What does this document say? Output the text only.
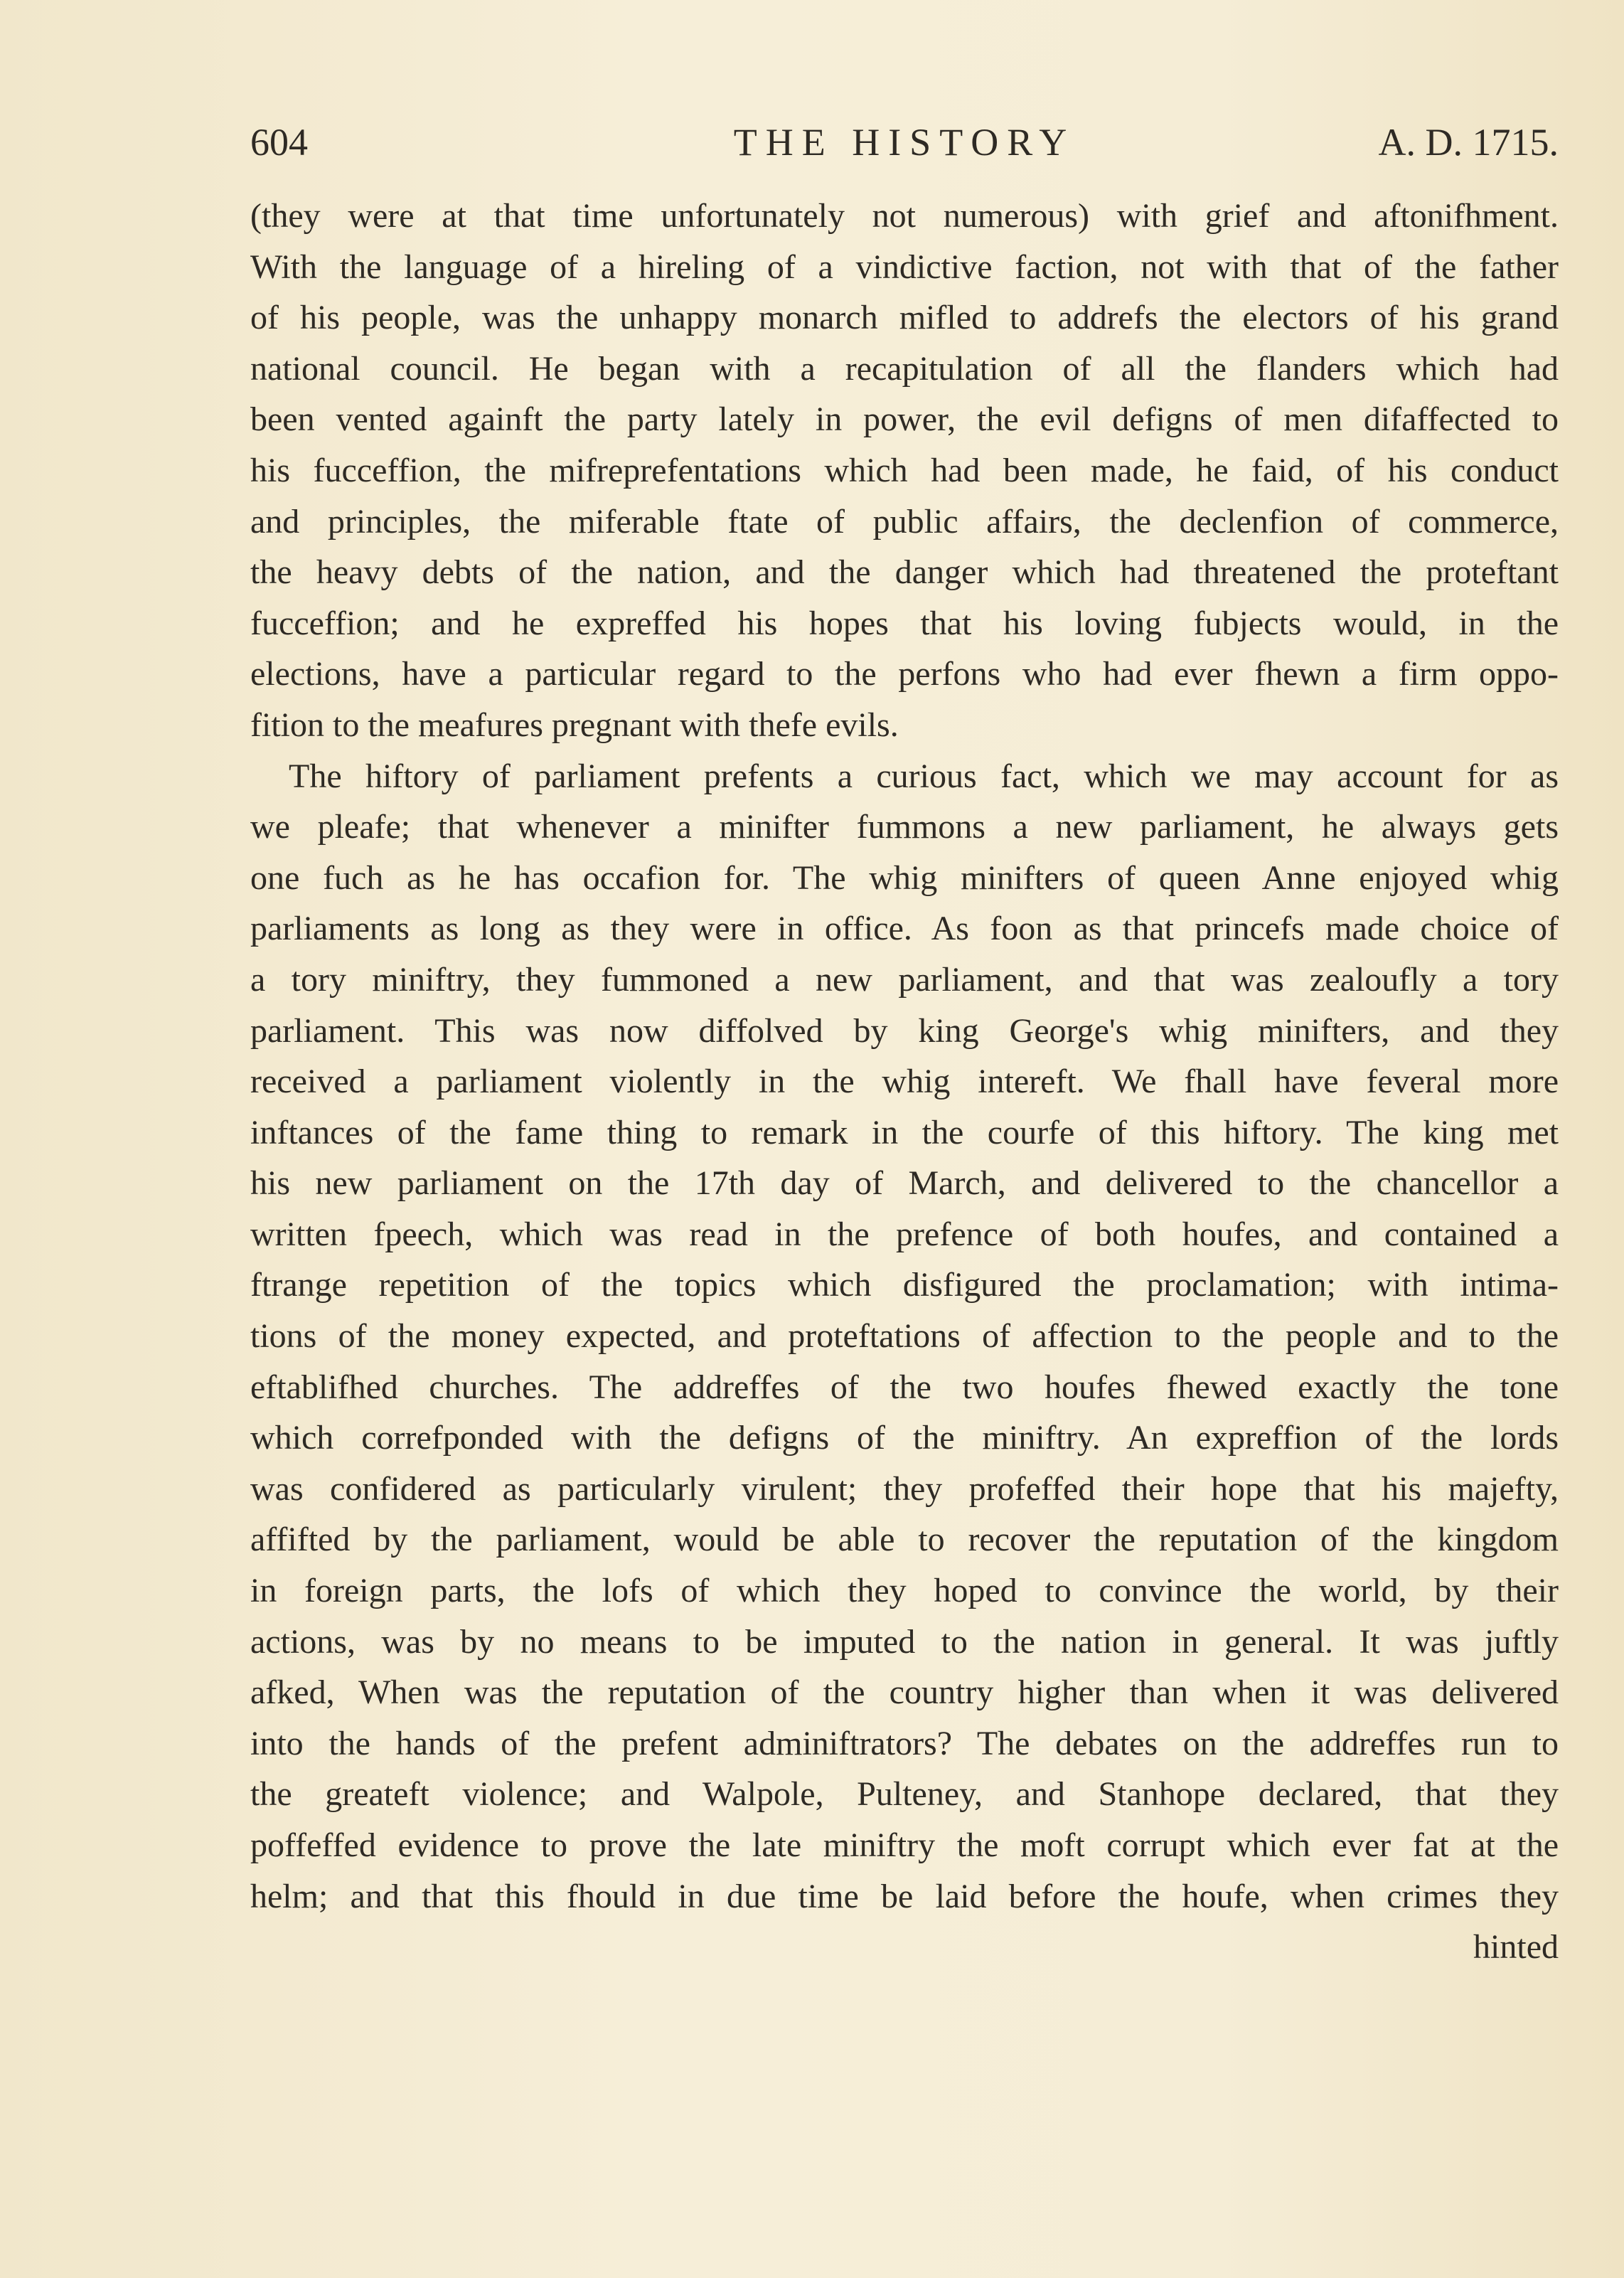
604	THE HISTORY	A. D. 1715.
(they were at that time unfortunately not numerous) with grief and aftonifhment.
With the language of a hireling of a vindictive faction, not with that of the father
of his people, was the unhappy monarch mifled to addrefs the electors of his grand
national council. He began with a recapitulation of all the flanders which had
been vented againft the party lately in power, the evil defigns of men difaffected to
his fucceffion, the mifreprefentations which had been made, he faid, of his conduct
and principles, the miferable ftate of public affairs, the declenfion of commerce,
the heavy debts of the nation, and the danger which had threatened the proteftant
fucceffion; and he expreffed his hopes that his loving fubjects would, in the
elections, have a particular regard to the perfons who had ever fhewn a firm oppo-
fition to the meafures pregnant with thefe evils.
The hiftory of parliament prefents a curious fact, which we may account for as
we pleafe; that whenever a minifter fummons a new parliament, he always gets
one fuch as he has occafion for. The whig minifters of queen Anne enjoyed whig
parliaments as long as they were in office. As foon as that princefs made choice of
a tory miniftry, they fummoned a new parliament, and that was zealoufly a tory
parliament. This was now diffolved by king George's whig minifters, and they
received a parliament violently in the whig intereft. We fhall have feveral more
inftances of the fame thing to remark in the courfe of this hiftory. The king met
his new parliament on the 17th day of March, and delivered to the chancellor a
written fpeech, which was read in the prefence of both houfes, and contained a
ftrange repetition of the topics which disfigured the proclamation; with intima-
tions of the money expected, and proteftations of affection to the people and to the
eftablifhed churches. The addreffes of the two houfes fhewed exactly the tone
which correfponded with the defigns of the miniftry. An expreffion of the lords
was confidered as particularly virulent; they profeffed their hope that his majefty,
affifted by the parliament, would be able to recover the reputation of the kingdom
in foreign parts, the lofs of which they hoped to convince the world, by their
actions, was by no means to be imputed to the nation in general. It was juftly
afked, When was the reputation of the country higher than when it was delivered
into the hands of the prefent adminiftrators? The debates on the addreffes run to
the greateft violence; and Walpole, Pulteney, and Stanhope declared, that they
poffeffed evidence to prove the late miniftry the moft corrupt which ever fat at the
helm; and that this fhould in due time be laid before the houfe, when crimes they
hinted
